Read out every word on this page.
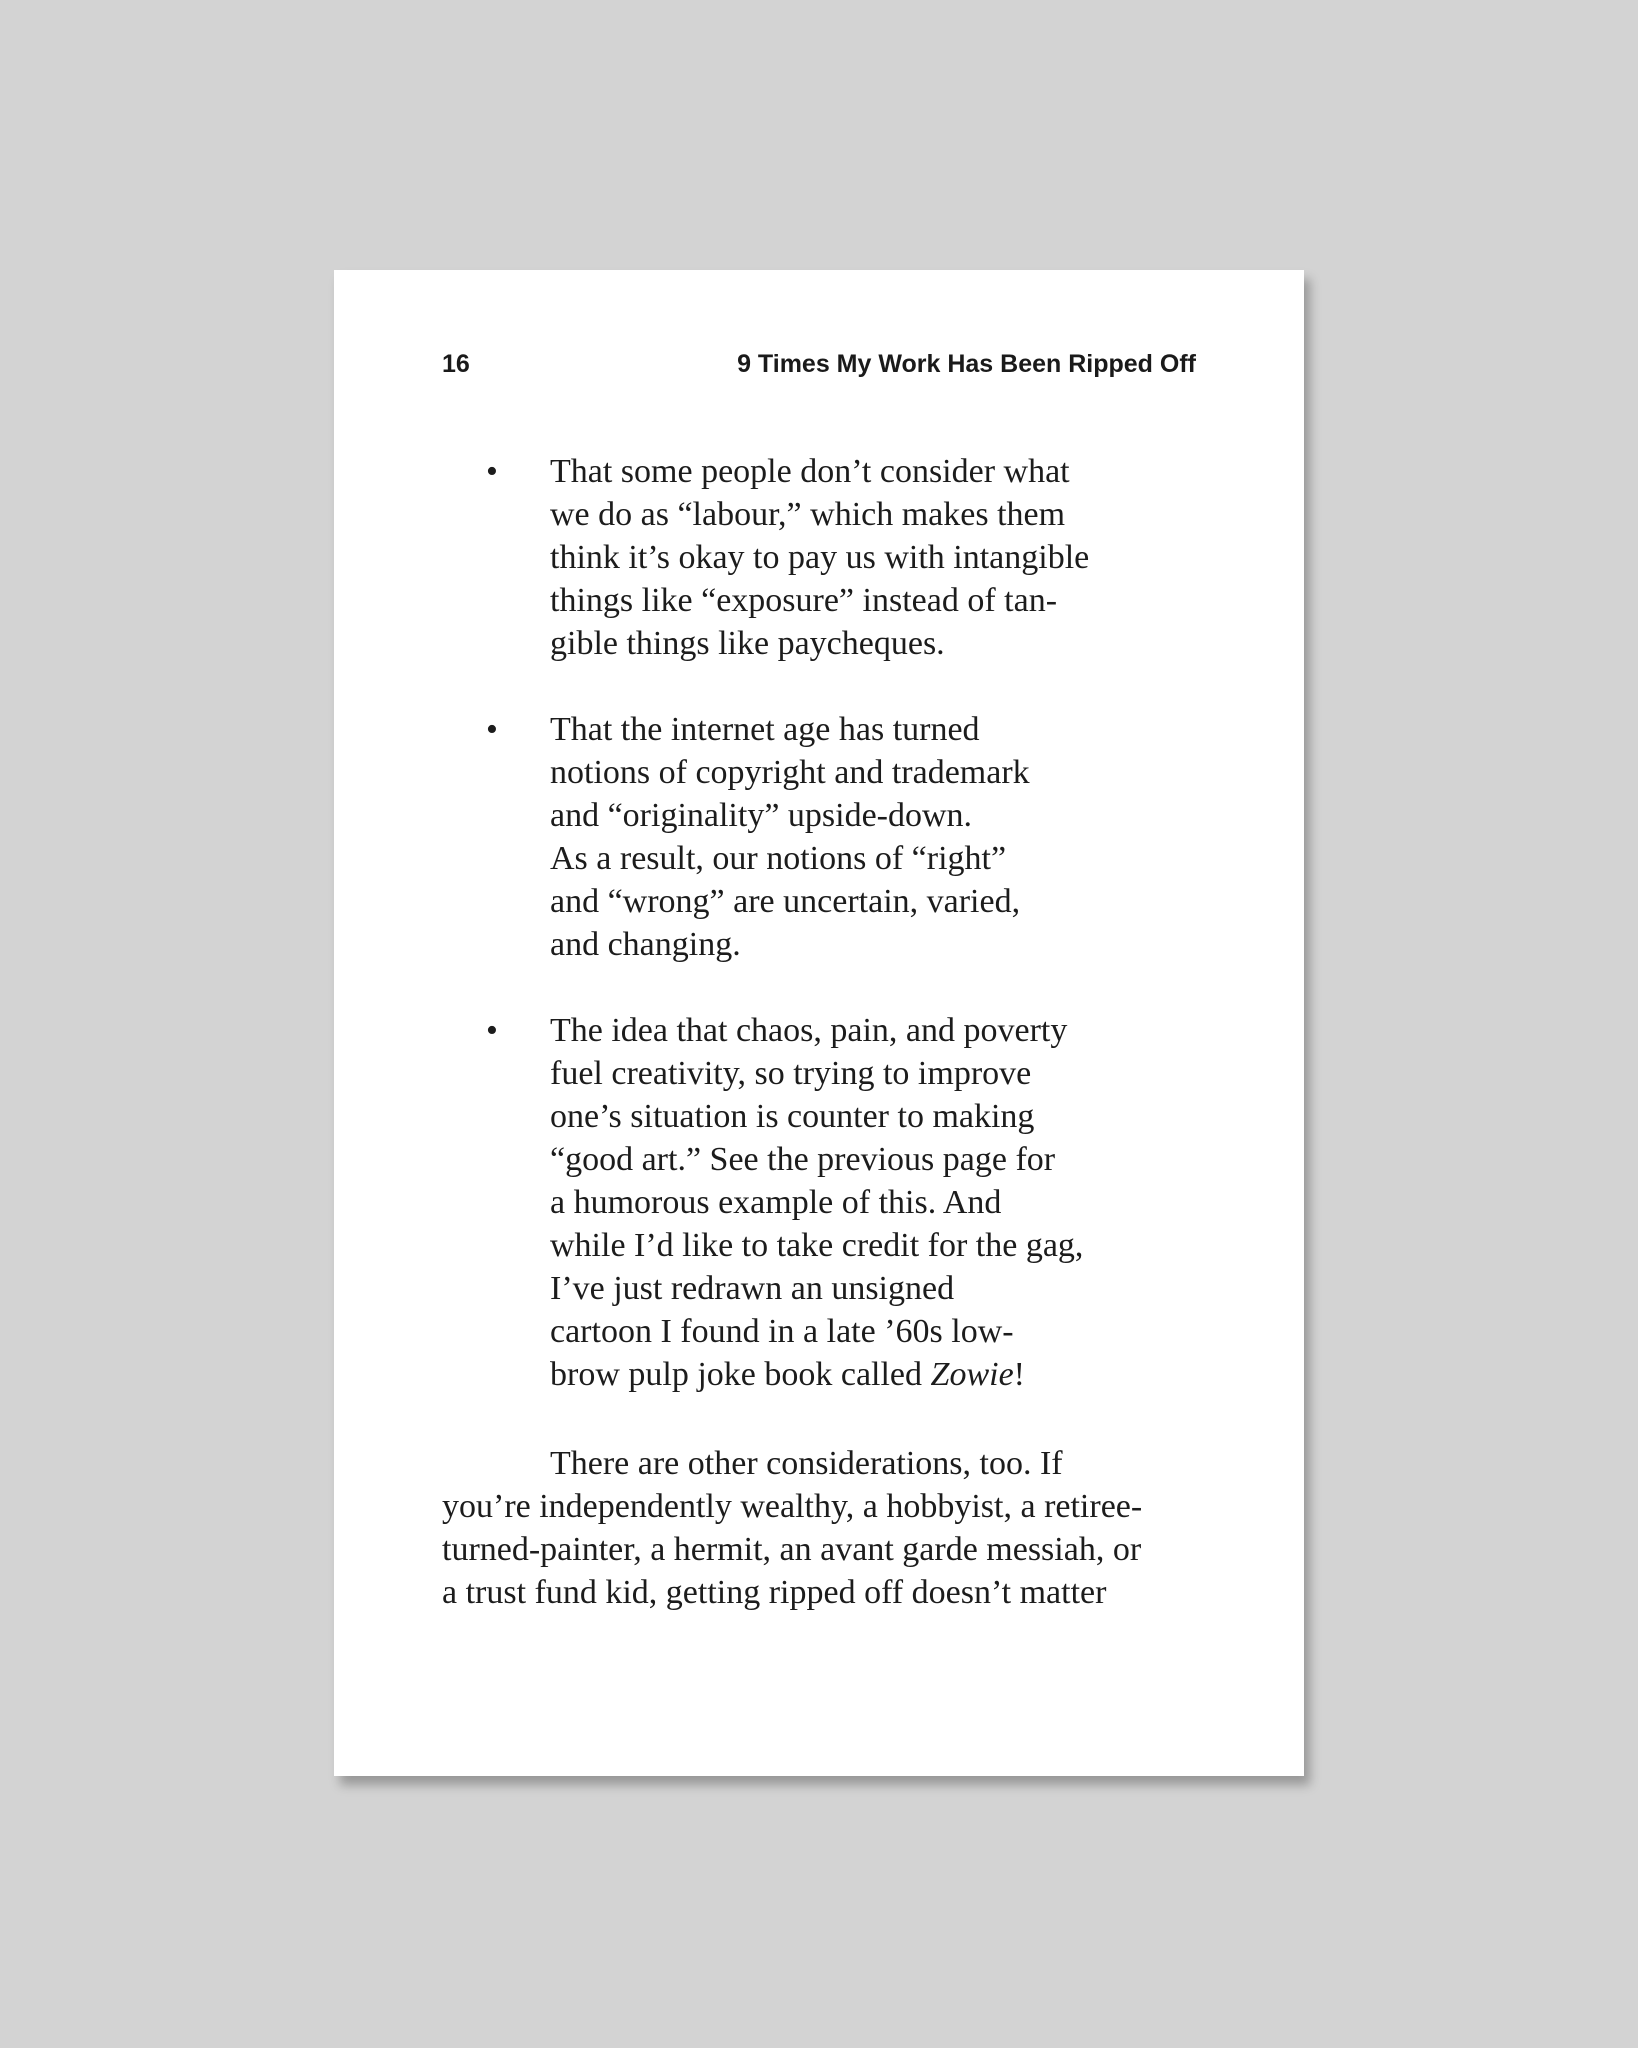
16	9 Times My Work Has Been Ripped Off
•	That some people don’t consider what
we do as “labour,” which makes them
think it’s okay to pay us with intangible
things like “exposure” instead of tan-
gible things like paycheques.
•	That the internet age has turned
notions of copyright and trademark
and “originality” upside-down.
As a result, our notions of “right”
and “wrong” are uncertain, varied,
and changing.
•	The idea that chaos, pain, and poverty
fuel creativity, so trying to improve
one’s situation is counter to making
“good art.” See the previous page for
a humorous example of this. And
while I’d like to take credit for the gag,
I’ve just redrawn an unsigned
cartoon I found in a late ’60s low-
brow pulp joke book called Zowie!
There are other considerations, too. If
you’re independently wealthy, a hobbyist, a retiree-
turned-painter, a hermit, an avant garde messiah, or
a trust fund kid, getting ripped off doesn’t matter
